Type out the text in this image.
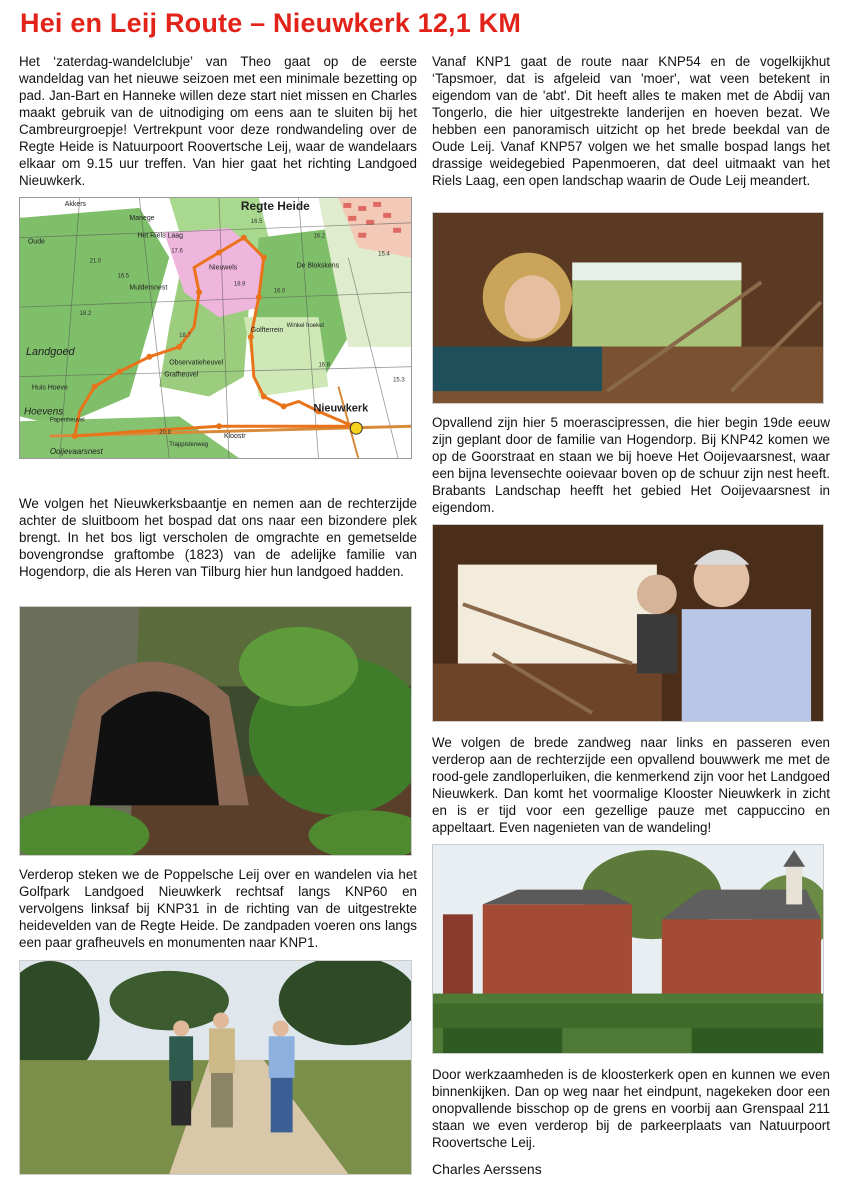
Hei en Leij Route – Nieuwkerk 12,1 KM

Het ‘zaterdag-wandelclubje’ van Theo gaat op de eerste wandeldag van het nieuwe seizoen met een minimale bezetting op pad. Jan-Bart en Hanneke willen deze start niet missen en Charles maakt gebruik van de uitnodiging om eens aan te sluiten bij het Cambreurgroepje! Vertrekpunt voor deze rondwandeling over de Regte Heide is Natuurpoort Roovertsche Leij, waar de wandelaars elkaar om 9.15 uur treffen. Van hier gaat het richting Landgoed Nieuwkerk.

Regte Heide
Landgoed
Nieuwkerk
Hoevens
Manege
Het Riels Laag
Nieuwels
Muldersnest
De Blokskens
Golfterrein
Observatieheuvel
Grafheuvel
Ooijevaarsnest
Huis Hoeve
Kloostr
Akkers
Oude
Winkel hoeket
Papenheuvel
Trappistenweg
16.5
17.6
16.2
15.4
16.5
18.9
16.0
21.0
20.8
16.8
15.3
18.7
18.2

We volgen het Nieuwkerksbaantje en nemen aan de rechterzijde achter de sluitboom het bospad dat ons naar een bizondere plek brengt. In het bos ligt verscholen de omgrachte en gemetselde bovengrondse graftombe (1823) van de adelijke familie van Hogendorp, die als Heren van Tilburg hier hun landgoed hadden.

Verderop steken we de Poppelsche Leij over en wandelen via het Golfpark Landgoed Nieuwkerk rechtsaf langs KNP60 en vervolgens linksaf bij KNP31 in de richting van de uitgestrekte heidevelden van de Regte Heide. De zandpaden voeren ons langs een paar grafheuvels en monumenten naar KNP1.

Vanaf KNP1 gaat de route naar KNP54 en de vogelkijkhut ‘Tapsmoer, dat is afgeleid van 'moer', wat veen betekent in eigendom van de 'abt'. Dit heeft alles te maken met de Abdij van Tongerlo, die hier uitgestrekte landerijen en hoeven bezat. We hebben een panoramisch uitzicht op het brede beekdal van de Oude Leij. Vanaf KNP57 volgen we het smalle bospad langs het drassige weidegebied Papenmoeren, dat deel uitmaakt van het Riels Laag, een open landschap waarin de Oude Leij meandert.

Opvallend zijn hier 5 moerascipressen, die hier begin 19de eeuw zijn geplant door de familie van Hogendorp. Bij KNP42 komen we op de Goorstraat en staan we bij hoeve Het Ooijevaarsnest, waar een bijna levensechte ooievaar boven op de schuur zijn nest heeft. Brabants Landschap heefft het gebied Het Ooijevaarsnest in eigendom.

We volgen de brede zandweg naar links en passeren even verderop aan de rechterzijde een opvallend bouwwerk me met de rood-gele zandloperluiken, die kenmerkend zijn voor het Landgoed Nieuwkerk. Dan komt het voormalige Klooster Nieuwkerk in zicht en is er tijd voor een gezellige pauze met cappuccino en appeltaart. Even nagenieten van de wandeling!

Door werkzaamheden is de kloosterkerk open en kunnen we even binnenkijken. Dan op weg naar het eindpunt, nagekeken door een onopvallende bisschop op de grens en voorbij aan Grenspaal 211 staan we even verderop bij de parkeerplaats van Natuurpoort Roovertsche Leij.

Charles Aerssens
